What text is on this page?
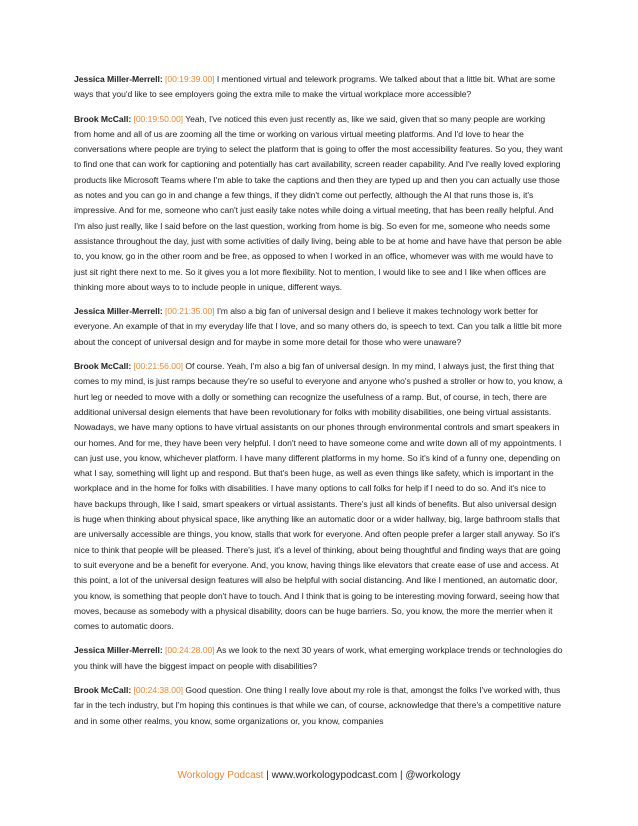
Jessica Miller-Merrell: [00:19:39.00] I mentioned virtual and telework programs. We talked about that a little bit. What are some ways that you'd like to see employers going the extra mile to make the virtual workplace more accessible?

Brook McCall: [00:19:50.00] Yeah, I've noticed this even just recently as, like we said, given that so many people are working from home and all of us are zooming all the time or working on various virtual meeting platforms. And I'd love to hear the conversations where people are trying to select the platform that is going to offer the most accessibility features. So you, they want to find one that can work for captioning and potentially has cart availability, screen reader capability. And I've really loved exploring products like Microsoft Teams where I'm able to take the captions and then they are typed up and then you can actually use those as notes and you can go in and change a few things, if they didn't come out perfectly, although the AI that runs those is, it's impressive. And for me, someone who can't just easily take notes while doing a virtual meeting, that has been really helpful. And I'm also just really, like I said before on the last question, working from home is big. So even for me, someone who needs some assistance throughout the day, just with some activities of daily living, being able to be at home and have have that person be able to, you know, go in the other room and be free, as opposed to when I worked in an office, whomever was with me would have to just sit right there next to me. So it gives you a lot more flexibility. Not to mention, I would like to see and I like when offices are thinking more about ways to to include people in unique, different ways.

Jessica Miller-Merrell: [00:21:35.00] I'm also a big fan of universal design and I believe it makes technology work better for everyone. An example of that in my everyday life that I love, and so many others do, is speech to text. Can you talk a little bit more about the concept of universal design and for maybe in some more detail for those who were unaware?

Brook McCall: [00:21:56.00] Of course. Yeah, I'm also a big fan of universal design. In my mind, I always just, the first thing that comes to my mind, is just ramps because they're so useful to everyone and anyone who's pushed a stroller or how to, you know, a hurt leg or needed to move with a dolly or something can recognize the usefulness of a ramp. But, of course, in tech, there are additional universal design elements that have been revolutionary for folks with mobility disabilities, one being virtual assistants. Nowadays, we have many options to have virtual assistants on our phones through environmental controls and smart speakers in our homes. And for me, they have been very helpful. I don't need to have someone come and write down all of my appointments. I can just use, you know, whichever platform. I have many different platforms in my home. So it's kind of a funny one, depending on what I say, something will light up and respond. But that's been huge, as well as even things like safety, which is important in the workplace and in the home for folks with disabilities. I have many options to call folks for help if I need to do so. And it's nice to have backups through, like I said, smart speakers or virtual assistants. There's just all kinds of benefits. But also universal design is huge when thinking about physical space, like anything like an automatic door or a wider hallway, big, large bathroom stalls that are universally accessible are things, you know, stalls that work for everyone. And often people prefer a larger stall anyway. So it's nice to think that people will be pleased. There's just, it's a level of thinking, about being thoughtful and finding ways that are going to suit everyone and be a benefit for everyone. And, you know, having things like elevators that create ease of use and access. At this point, a lot of the universal design features will also be helpful with social distancing. And like I mentioned, an automatic door, you know, is something that people don't have to touch. And I think that is going to be interesting moving forward, seeing how that moves, because as somebody with a physical disability, doors can be huge barriers. So, you know, the more the merrier when it comes to automatic doors.

Jessica Miller-Merrell: [00:24:28.00] As we look to the next 30 years of work, what emerging workplace trends or technologies do you think will have the biggest impact on people with disabilities?

Brook McCall: [00:24:38.00] Good question. One thing I really love about my role is that, amongst the folks I've worked with, thus far in the tech industry, but I'm hoping this continues is that while we can, of course, acknowledge that there's a competitive nature and in some other realms, you know, some organizations or, you know, companies

Workology Podcast | www.workologypodcast.com | @workology
